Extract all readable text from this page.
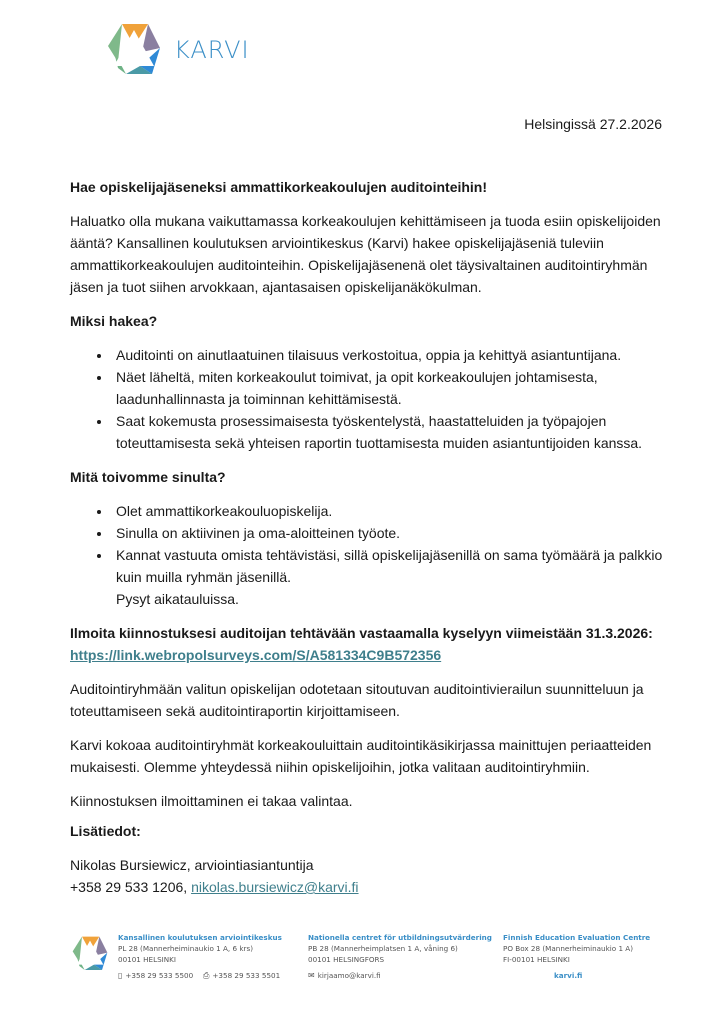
KARVI
Helsingissä 27.2.2026
Hae opiskelijajäseneksi ammattikorkeakoulujen auditointeihin!

Haluatko olla mukana vaikuttamassa korkeakoulujen kehittämiseen ja tuoda esiin opiskelijoiden ääntä? Kansallinen koulutuksen arviointikeskus (Karvi) hakee opiskelijajäseniä tuleviin ammattikorkeakoulujen auditointeihin. Opiskelijajäsenenä olet täysivaltainen auditointiryhmän jäsen ja tuot siihen arvokkaan, ajantasaisen opiskelijanäkökulman.

Miksi hakea?
• Auditointi on ainutlaatuinen tilaisuus verkostoitua, oppia ja kehittyä asiantuntijana.
• Näet läheltä, miten korkeakoulut toimivat, ja opit korkeakoulujen johtamisesta, laadunhallinnasta ja toiminnan kehittämisestä.
• Saat kokemusta prosessimaisesta työskentelystä, haastatteluiden ja työpajojen toteuttamisesta sekä yhteisen raportin tuottamisesta muiden asiantuntijoiden kanssa.
Mitä toivomme sinulta?
• Olet ammattikorkeakouluopiskelija.
• Sinulla on aktiivinen ja oma-aloitteinen työote.
• Kannat vastuuta omista tehtävistäsi, sillä opiskelijajäsenillä on sama työmäärä ja palkkio kuin muilla ryhmän jäsenillä.
Pysyt aikatauluissa.

Ilmoita kiinnostuksesi auditoijan tehtävään vastaamalla kyselyyn viimeistään 31.3.2026:

https://link.webropolsurveys.com/S/A581334C9B572356

Auditointiryhmään valitun opiskelijan odotetaan sitoutuvan auditointivierailun suunnitteluun ja toteuttamiseen sekä auditointiraportin kirjoittamiseen.

Karvi kokoaa auditointiryhmät korkeakouluittain auditointikäsikirjassa mainittujen periaatteiden mukaisesti. Olemme yhteydessä niihin opiskelijoihin, jotka valitaan auditointiryhmiin.

Kiinnostuksen ilmoittaminen ei takaa valintaa.

Lisätiedot:
Nikolas Bursiewicz, arviointiasiantuntija
+358 29 533 1206, nikolas.bursiewicz@karvi.fi
Kansallinen koulutuksen arviointikeskus
PL 28 (Mannerheiminaukio 1 A, 6 krs)
00101 HELSINKI
Nationella centret för utbildningsutvärdering
PB 28 (Mannerheimplatsen 1 A, våning 6)
00101 HELSINGFORS
Finnish Education Evaluation Centre
PO Box 28 (Mannerheiminaukio 1 A)
FI-00101 HELSINKI
▯ +358 29 533 5500 ⎙ +358 29 533 5501	✉ kirjaamo@karvi.fi	karvi.fi
